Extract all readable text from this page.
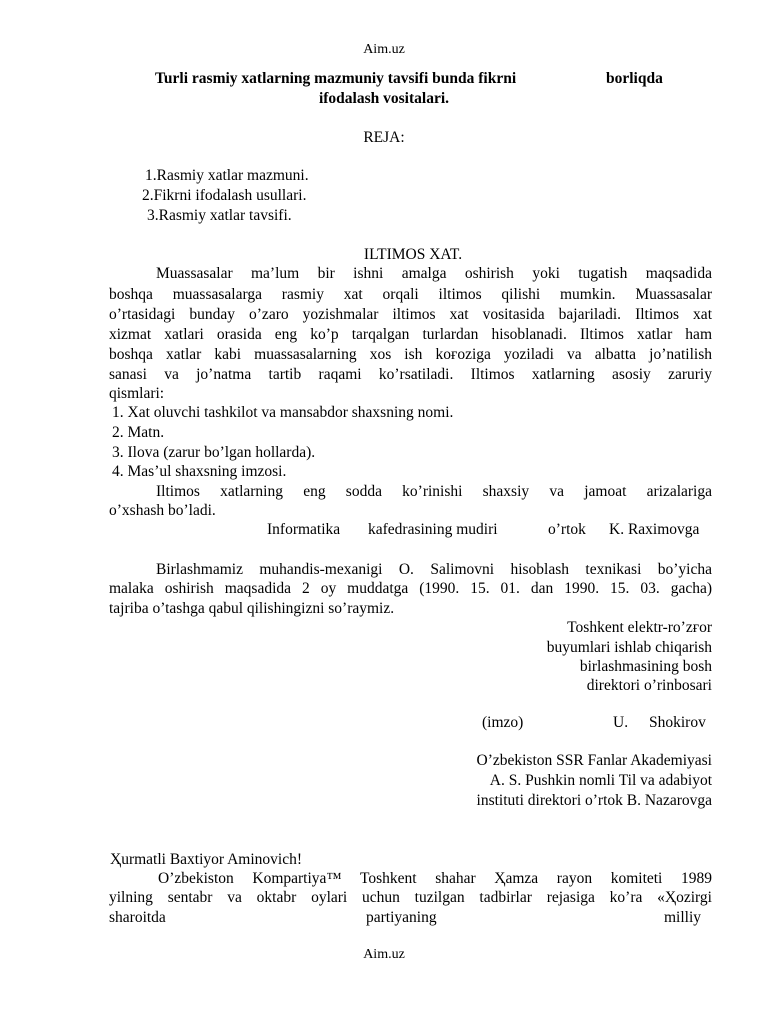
Aim.uz
Turli rasmiy xatlarning mazmuniy tavsifi bunda fikrni	borliqda
ifodalash vositalari.
REJA:
1.Rasmiy xatlar mazmuni.
2.Fikrni ifodalash usullari.
3.Rasmiy xatlar tavsifi.
ILTIMOS XAT.
Muassasalar ma’lum bir ishni amalga oshirish yoki tugatish maqsadida
boshqa muassasalarga rasmiy xat orqali iltimos qilishi mumkin. Muassasalar
o’rtasidagi bunday o’zaro yozishmalar iltimos xat vositasida bajariladi. Iltimos xat
xizmat xatlari orasida eng ko’p tarqalgan turlardan hisoblanadi. Iltimos xatlar ham
boshqa xatlar kabi muassasalarning xos ish koғoziga yoziladi va albatta jo’natilish
sanasi va jo’natma tartib raqami ko’rsatiladi. Iltimos xatlarning asosiy zaruriy
qismlari:
1. Xat oluvchi tashkilot va mansabdor shaxsning nomi.
2. Matn.
3. Ilova (zarur bo’lgan hollarda).
4. Mas’ul shaxsning imzosi.
Iltimos xatlarning eng sodda ko’rinishi shaxsiy va jamoat arizalariga
o’xshash bo’ladi.
Informatika kafedrasining mudiri	o’rtok K. Raximovga
Birlashmamiz muhandis-mexanigi O. Salimovni hisoblash texnikasi bo’yicha
malaka oshirish maqsadida 2 oy muddatga (1990. 15. 01. dan 1990. 15. 03. gacha)
tajriba o’tashga qabul qilishingizni so’raymiz.
Toshkent elektr-ro’zғor
buyumlari ishlab chiqarish
birlashmasining bosh
direktori o’rinbosari
(imzo)	U. Shokirov
O’zbekiston SSR Fanlar Akademiyasi
A. S. Pushkin nomli Til va adabiyot
instituti direktori o’rtok B. Nazarovga
Ҳurmatli Baxtiyor Aminovich!
O’zbekiston Kompartiya™ Toshkent shahar Ҳamza rayon komiteti 1989
yilning sentabr va oktabr oylari uchun tuzilgan tadbirlar rejasiga ko’ra «Ҳozirgi
sharoitda	partiyaning	milliy
Aim.uz
